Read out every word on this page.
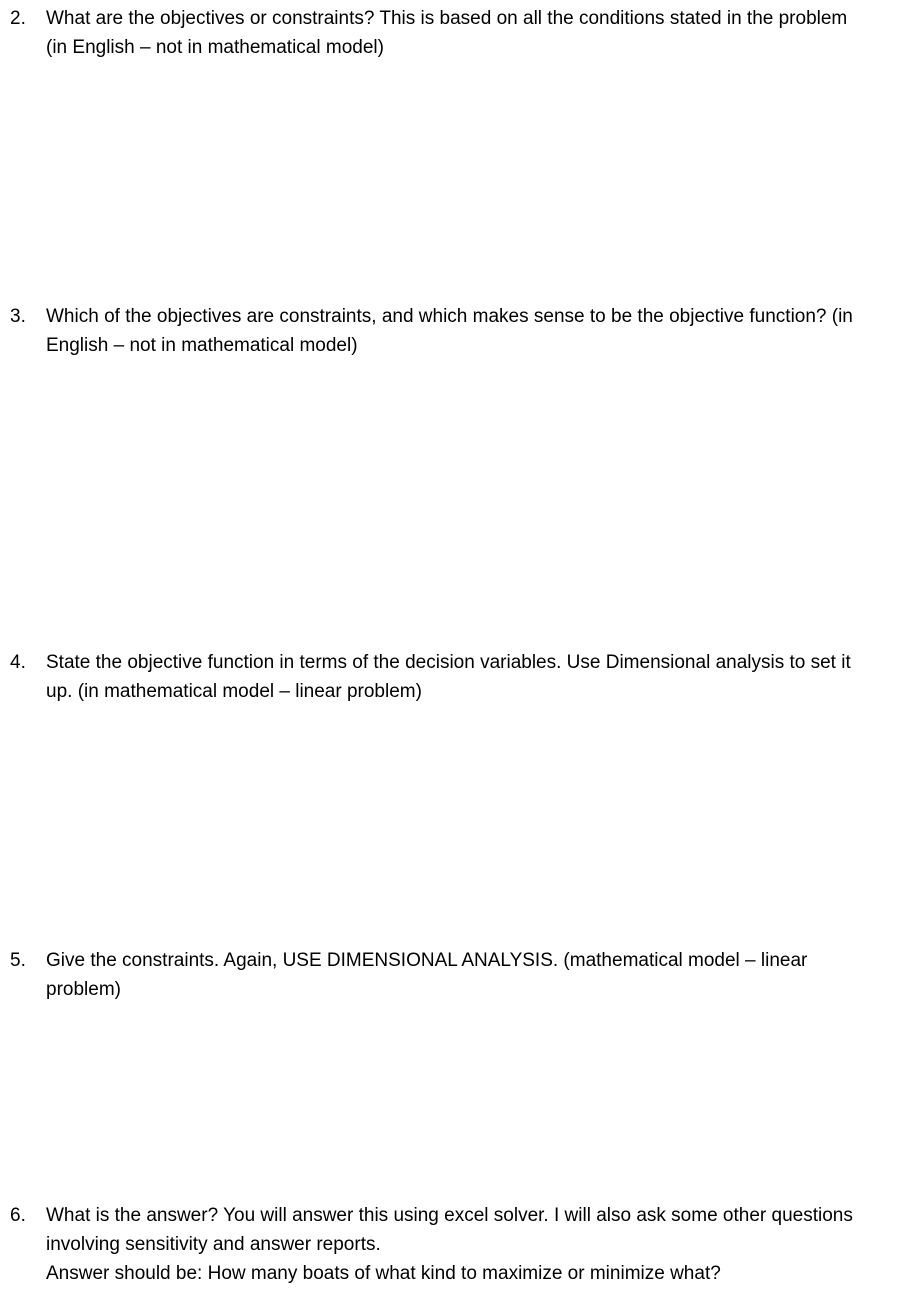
2.	What are the objectives or constraints? This is based on all the conditions stated in the problem
(in English – not in mathematical model)
3.	Which of the objectives are constraints, and which makes sense to be the objective function? (in
English – not in mathematical model)
4.	State the objective function in terms of the decision variables. Use Dimensional analysis to set it
up. (in mathematical model – linear problem)
5.	Give the constraints. Again, USE DIMENSIONAL ANALYSIS. (mathematical model – linear
problem)
6.	What is the answer? You will answer this using excel solver. I will also ask some other questions
involving sensitivity and answer reports.
Answer should be: How many boats of what kind to maximize or minimize what?
